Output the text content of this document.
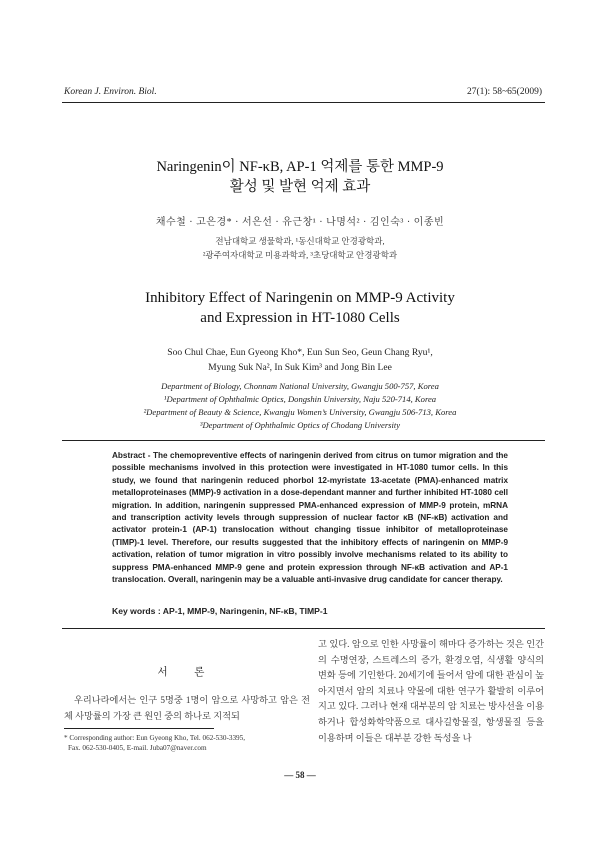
Korean J. Environ. Biol.	27(1): 58~65(2009)
Naringenin이 NF-κB, AP-1 억제를 통한 MMP-9
활성 및 발현 억제 효과
채수철 · 고은경* · 서은선 · 유근창¹ · 나명석² · 김인숙³ · 이종빈
전남대학교 생물학과, ¹동신대학교 안경광학과,
²광주여자대학교 미용과학과, ³초당대학교 안경광학과
Inhibitory Effect of Naringenin on MMP-9 Activity
and Expression in HT-1080 Cells
Soo Chul Chae, Eun Gyeong Kho*, Eun Sun Seo, Geun Chang Ryu¹,
Myung Suk Na², In Suk Kim³ and Jong Bin Lee
Department of Biology, Chonnam National University, Gwangju 500-757, Korea
¹Department of Ophthalmic Optics, Dongshin University, Naju 520-714, Korea
²Department of Beauty & Science, Kwangju Women’s University, Gwangju 506-713, Korea
³Department of Ophthalmic Optics of Chodang University
Abstract - The chemopreventive effects of naringenin derived from citrus on tumor migration and the possible mechanisms involved in this protection were investigated in HT-1080 tumor cells. In this study, we found that naringenin reduced phorbol 12-myristate 13-acetate (PMA)-enhanced matrix metalloproteinases (MMP)-9 activation in a dose-dependant manner and further inhibited HT-1080 cell migration. In addition, naringenin suppressed PMA-enhanced expression of MMP-9 protein, mRNA and transcription activity levels through suppression of nuclear factor κB (NF-κB) activation and activator protein-1 (AP-1) translocation without changing tissue inhibitor of metalloproteinase (TIMP)-1 level. Therefore, our results suggested that the inhibitory effects of naringenin on MMP-9 activation, relation of tumor migration in vitro possibly involve mechanisms related to its ability to suppress PMA-enhanced MMP-9 gene and protein expression through NF-κB activation and AP-1 translocation. Overall, naringenin may be a valuable anti-invasive drug candidate for cancer therapy.
Key words : AP-1, MMP-9, Naringenin, NF-κB, TIMP-1
서 론
우리나라에서는 인구 5명중 1명이 암으로 사망하고 암은 전체 사망률의 가장 큰 원인 중의 하나로 지적되
고 있다. 암으로 인한 사망률이 해마다 증가하는 것은 인간의 수명연장, 스트레스의 증가, 환경오염, 식생활 양식의 변화 등에 기인한다. 20세기에 들어서 암에 대한 관심이 높아지면서 암의 치료나 약물에 대한 연구가 활발히 이루어지고 있다. 그러나 현재 대부분의 암 치료는 방사선을 이용하거나 합성화학약품으로 대사길항물질, 항생물질 등을 이용하며 이들은 대부분 강한 독성을 나
* Corresponding author: Eun Gyeong Kho, Tel. 062-530-3395,
Fax. 062-530-0405, E-mail. Juba07@naver.com
— 58 —
